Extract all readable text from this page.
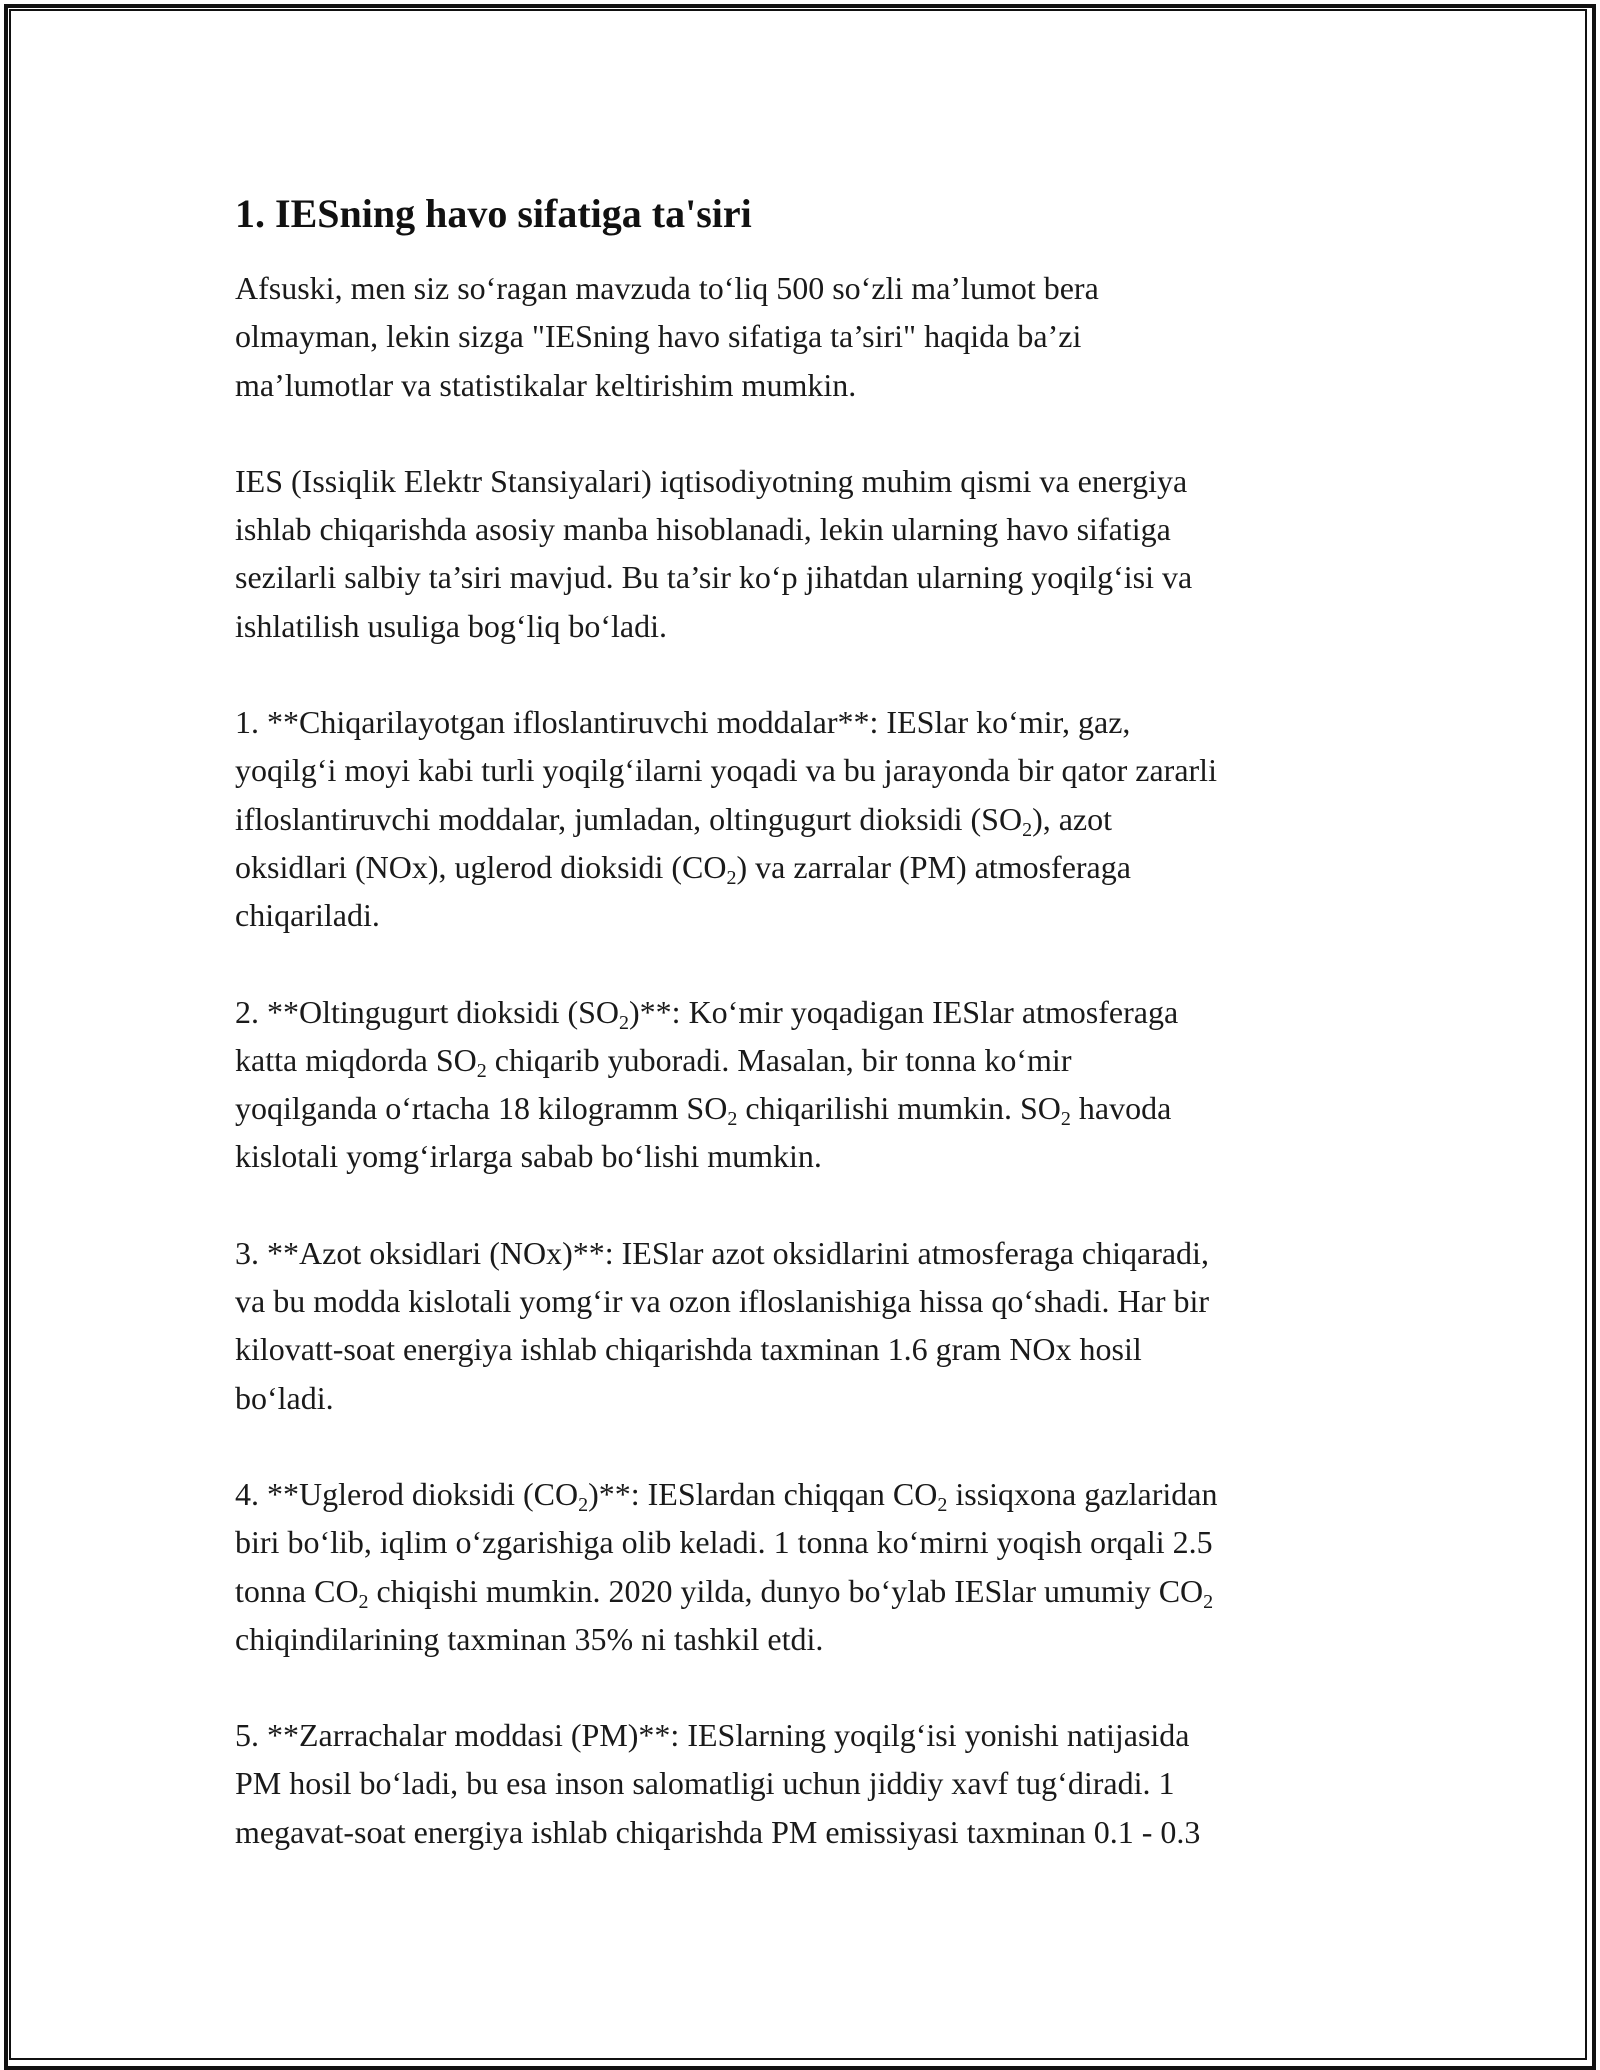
1. IESning havo sifatiga ta'siri
Afsuski, men siz so‘ragan mavzuda to‘liq 500 so‘zli ma’lumot bera
olmayman, lekin sizga "IESning havo sifatiga ta’siri" haqida ba’zi
ma’lumotlar va statistikalar keltirishim mumkin.
IES (Issiqlik Elektr Stansiyalari) iqtisodiyotning muhim qismi va energiya
ishlab chiqarishda asosiy manba hisoblanadi, lekin ularning havo sifatiga
sezilarli salbiy ta’siri mavjud. Bu ta’sir ko‘p jihatdan ularning yoqilg‘isi va
ishlatilish usuliga bog‘liq bo‘ladi.
1. **Chiqarilayotgan ifloslantiruvchi moddalar**: IESlar ko‘mir, gaz,
yoqilg‘i moyi kabi turli yoqilg‘ilarni yoqadi va bu jarayonda bir qator zararli
ifloslantiruvchi moddalar, jumladan, oltingugurt dioksidi $(SO_2)$, azot
oksidlari (NOx), uglerod dioksidi $(CO_2)$ va zarralar (PM) atmosferaga
chiqariladi.
2. **Oltingugurt dioksidi $(SO_2)**$: Ko‘mir yoqadigan IESlar atmosferaga
katta miqdorda $SO_2$ chiqarib yuboradi. Masalan, bir tonna ko‘mir
yoqilganda o‘rtacha 18 kilogramm $SO_2$ chiqarilishi mumkin. $SO_2$ havoda
kislotali yomg‘irlarga sabab bo‘lishi mumkin.
3. **Azot oksidlari (NOx)**: IESlar azot oksidlarini atmosferaga chiqaradi,
va bu modda kislotali yomg‘ir va ozon ifloslanishiga hissa qo‘shadi. Har bir
kilovatt-soat energiya ishlab chiqarishda taxminan 1.6 gram NOx hosil
bo‘ladi.
4. **Uglerod dioksidi $(CO_2)**$: IESlardan chiqqan $CO_2$ issiqxona gazlaridan
biri bo‘lib, iqlim o‘zgarishiga olib keladi. 1 tonna ko‘mirni yoqish orqali 2.5
tonna $CO_2$ chiqishi mumkin. 2020 yilda, dunyo bo‘ylab IESlar umumiy $CO_2$
chiqindilarining taxminan 35% ni tashkil etdi.
5. **Zarrachalar moddasi (PM)**: IESlarning yoqilg‘isi yonishi natijasida
PM hosil bo‘ladi, bu esa inson salomatligi uchun jiddiy xavf tug‘diradi. 1
megavat-soat energiya ishlab chiqarishda PM emissiyasi taxminan 0.1 - 0.3
